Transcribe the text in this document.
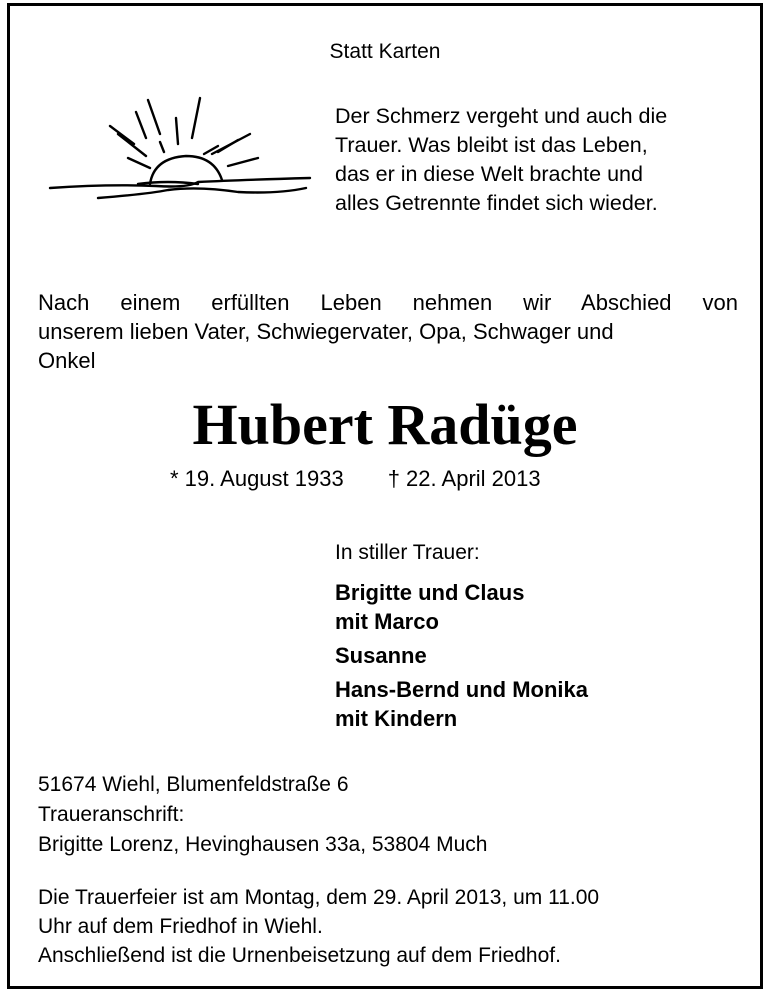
Statt Karten

Der Schmerz vergeht und auch die
Trauer. Was bleibt ist das Leben,
das er in diese Welt brachte und
alles Getrennte findet sich wieder.
Nach einem erfüllten Leben nehmen wir Abschied von
unserem lieben Vater, Schwiegervater, Opa, Schwager und
Onkel
Hubert Radüge

* 19. August 1933 † 22. April 2013

In stiller Trauer:

Brigitte und Claus

mit Marco

Susanne

Hans-Bernd und Monika

mit Kindern

51674 Wiehl, Blumenfeldstraße 6
Traueranschrift:
Brigitte Lorenz, Hevinghausen 33a, 53804 Much
Die Trauerfeier ist am Montag, dem 29. April 2013, um 11.00
Uhr auf dem Friedhof in Wiehl.
Anschließend ist die Urnenbeisetzung auf dem Friedhof.
